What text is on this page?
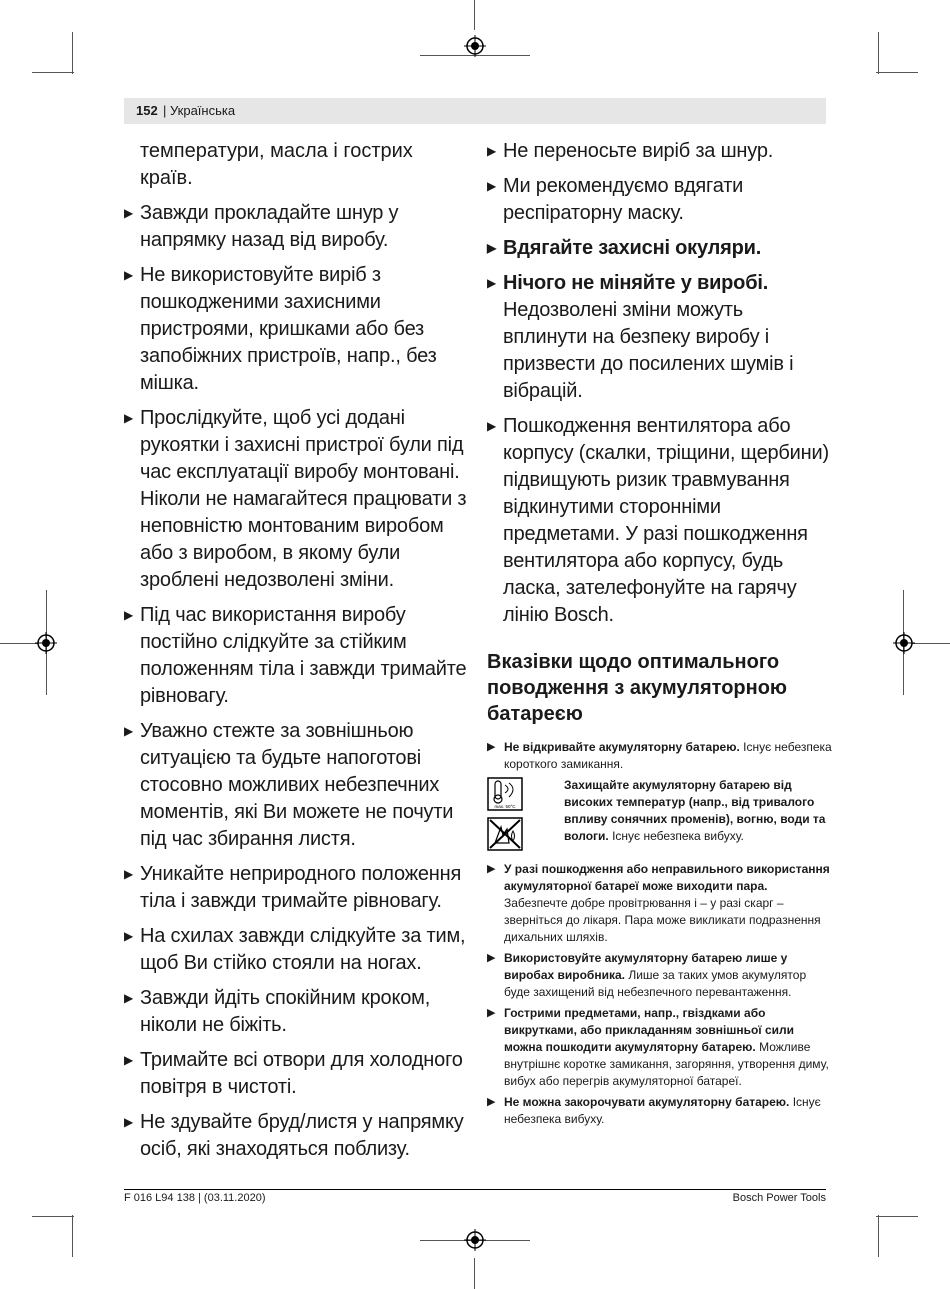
152 | Українська
температури, масла і гострих країв.
▶ Завжди прокладайте шнур у напрямку назад від виробу.
▶ Не використовуйте виріб з пошкодженими захисними пристроями, кришками або без запобіжних пристроїв, напр., без мішка.
▶ Прослідкуйте, щоб усі додані рукоятки і захисні пристрої були під час експлуатації виробу монтовані. Ніколи не намагайтеся працювати з неповністю монтованим виробом або з виробом, в якому були зроблені недозволені зміни.
▶ Під час використання виробу постійно слідкуйте за стійким положенням тіла і завжди тримайте рівновагу.
▶ Уважно стежте за зовнішньою ситуацією та будьте напоготові стосовно можливих небезпечних моментів, які Ви можете не почути під час збирання листя.
▶ Уникайте неприродного положення тіла і завжди тримайте рівновагу.
▶ На схилах завжди слідкуйте за тим, щоб Ви стійко стояли на ногах.
▶ Завжди йдіть спокійним кроком, ніколи не біжіть.
▶ Тримайте всі отвори для холодного повітря в чистоті.
▶ Не здувайте бруд/листя у напрямку осіб, які знаходяться поблизу.
▶ Не переносьте виріб за шнур.
▶ Ми рекомендуємо вдягати респіраторну маску.
▶ Вдягайте захисні окуляри.
▶ Нічого не міняйте у виробі.
Недозволені зміни можуть вплинути на безпеку виробу і призвести до посилених шумів і вібрацій.
▶ Пошкодження вентилятора або корпусу (скалки, тріщини, щербини) підвищують ризик травмування відкинутими сторонніми предметами. У разі пошкодження вентилятора або корпусу, будь ласка, зателефонуйте на гарячу лінію Bosch.
Вказівки щодо оптимального поводження з акумуляторною батареєю
▶ Не відкривайте акумуляторну батарею. Існує небезпека короткого замикання.
max. 50°C
Захищайте акумуляторну батарею від високих температур (напр., від тривалого впливу сонячних променів), вогню, води та вологи. Існує небезпека вибуху.
▶ У разі пошкодження або неправильного використання акумуляторної батареї може виходити пара. Забезпечте добре провітрювання і – у разі скарг – зверніться до лікаря. Пара може викликати подразнення дихальних шляхів.
▶ Використовуйте акумуляторну батарею лише у виробах виробника. Лише за таких умов акумулятор буде захищений від небезпечного перевантаження.
▶ Гострими предметами, напр., гвіздками або викрутками, або прикладанням зовнішньої сили можна пошкодити акумуляторну батарею. Можливе внутрішнє коротке замикання, загоряння, утворення диму, вибух або перегрів акумуляторної батареї.
▶ Не можна закорочувати акумуляторну батарею. Існує небезпека вибуху.
F 016 L94 138 | (03.11.2020)	Bosch Power Tools
